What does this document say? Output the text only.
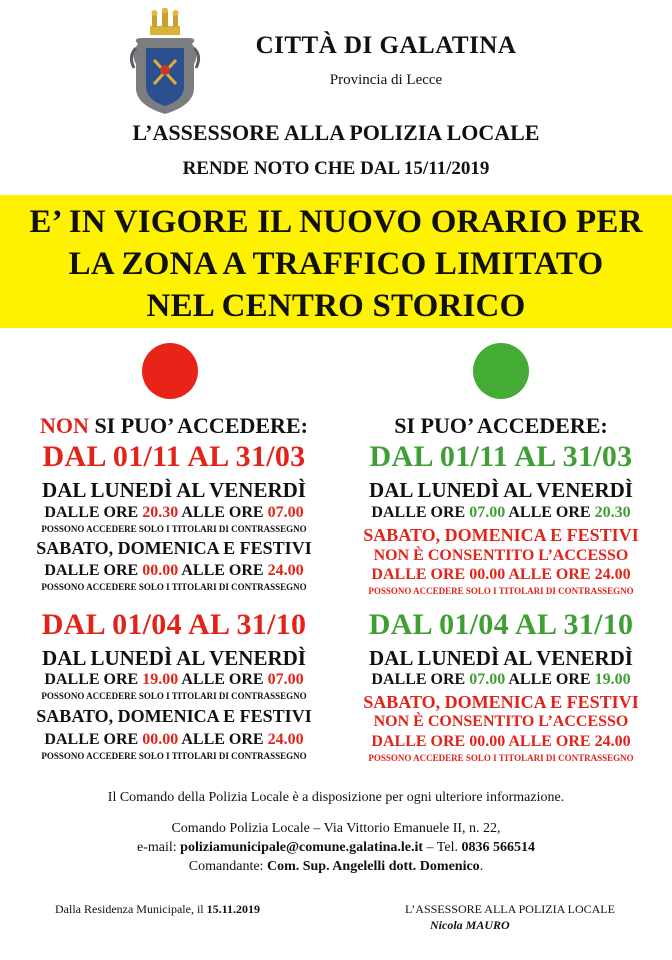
CITTÀ DI GALATINA
Provincia di Lecce
L’ASSESSORE ALLA POLIZIA LOCALE
RENDE NOTO CHE DAL 15/11/2019
E’ IN VIGORE IL NUOVO ORARIO PER
LA ZONA A TRAFFICO LIMITATO
NEL CENTRO STORICO
NON SI PUO’ ACCEDERE:
DAL 01/11 AL 31/03
DAL LUNEDÌ AL VENERDÌ
DALLE ORE 20.30 ALLE ORE 07.00
POSSONO ACCEDERE SOLO I TITOLARI DI CONTRASSEGNO
SABATO, DOMENICA E FESTIVI
DALLE ORE 00.00 ALLE ORE 24.00
POSSONO ACCEDERE SOLO I TITOLARI DI CONTRASSEGNO
DAL 01/04 AL 31/10
DAL LUNEDÌ AL VENERDÌ
DALLE ORE 19.00 ALLE ORE 07.00
POSSONO ACCEDERE SOLO I TITOLARI DI CONTRASSEGNO
SABATO, DOMENICA E FESTIVI
DALLE ORE 00.00 ALLE ORE 24.00
POSSONO ACCEDERE SOLO I TITOLARI DI CONTRASSEGNO
SI PUO’ ACCEDERE:
DAL 01/11 AL 31/03
DAL LUNEDÌ AL VENERDÌ
DALLE ORE 07.00 ALLE ORE 20.30
SABATO, DOMENICA E FESTIVI
NON È CONSENTITO L’ACCESSO
DALLE ORE 00.00 ALLE ORE 24.00
POSSONO ACCEDERE SOLO I TITOLARI DI CONTRASSEGNO
DAL 01/04 AL 31/10
DAL LUNEDÌ AL VENERDÌ
DALLE ORE 07.00 ALLE ORE 19.00
SABATO, DOMENICA E FESTIVI
NON È CONSENTITO L’ACCESSO
DALLE ORE 00.00 ALLE ORE 24.00
POSSONO ACCEDERE SOLO I TITOLARI DI CONTRASSEGNO
Il Comando della Polizia Locale è a disposizione per ogni ulteriore informazione.
Comando Polizia Locale – Via Vittorio Emanuele II, n. 22,
e-mail: poliziamunicipale@comune.galatina.le.it – Tel. 0836 566514
Comandante: Com. Sup. Angelelli dott. Domenico.
Dalla Residenza Municipale, il 15.11.2019	L’ASSESSORE ALLA POLIZIA LOCALE
Nicola MAURO
